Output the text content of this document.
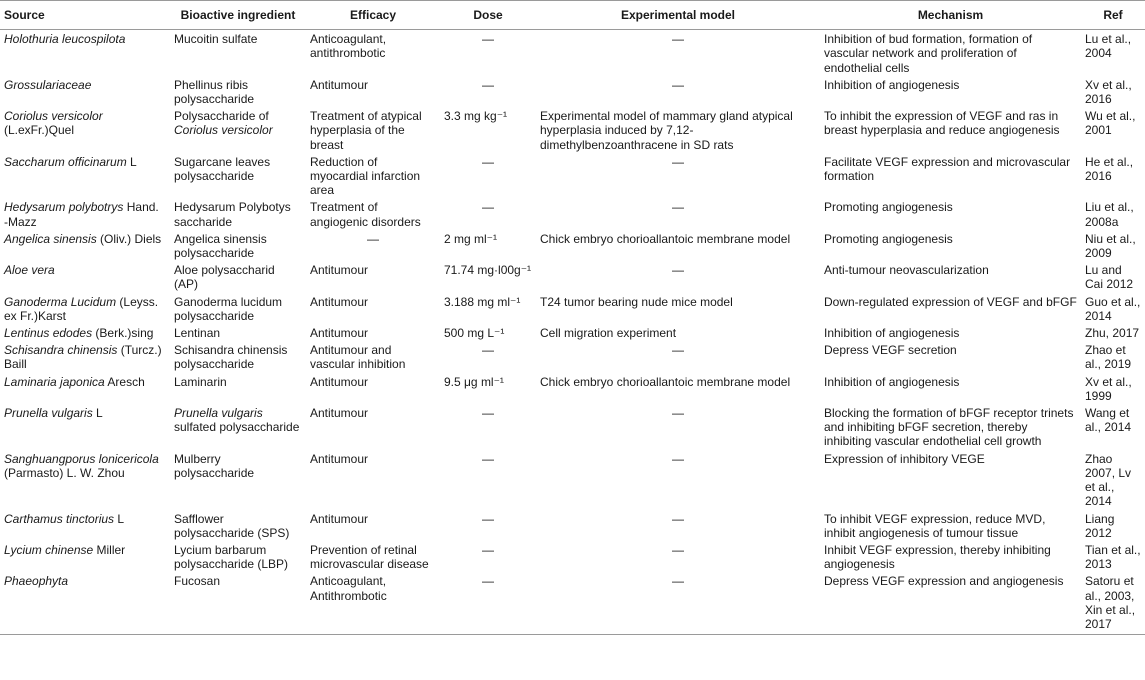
Source	Bioactive ingredient	Efficacy	Dose	Experimental model	Mechanism	Ref
Holothuria leucospilota	Mucoitin sulfate	Anticoagulant, antithrombotic	—	—	Inhibition of bud formation, formation of vascular network and proliferation of endothelial cells	Lu et al., 2004
Grossulariaceae	Phellinus ribis polysaccharide	Antitumour	—	—	Inhibition of angiogenesis	Xv et al., 2016
Coriolus versicolor (L.exFr.)Quel	Polysaccharide of Coriolus versicolor	Treatment of atypical hyperplasia of the breast	3.3 mg kg⁻¹	Experimental model of mammary gland atypical hyperplasia induced by 7,12-dimethylbenzoanthracene in SD rats	To inhibit the expression of VEGF and ras in breast hyperplasia and reduce angiogenesis	Wu et al., 2001
Saccharum officinarum L	Sugarcane leaves polysaccharide	Reduction of myocardial infarction area	—	—	Facilitate VEGF expression and microvascular formation	He et al., 2016
Hedysarum polybotrys Hand. -Mazz	Hedysarum Polybotys saccharide	Treatment of angiogenic disorders	—	—	Promoting angiogenesis	Liu et al., 2008a
Angelica sinensis (Oliv.) Diels	Angelica sinensis polysaccharide	—	2 mg ml⁻¹	Chick embryo chorioallantoic membrane model	Promoting angiogenesis	Niu et al., 2009
Aloe vera	Aloe polysaccharid (AP)	Antitumour	71.74 mg·l00g⁻¹	—	Anti-tumour neovascularization	Lu and Cai 2012
Ganoderma Lucidum (Leyss. ex Fr.)Karst	Ganoderma lucidum polysaccharide	Antitumour	3.188 mg ml⁻¹	T24 tumor bearing nude mice model	Down-regulated expression of VEGF and bFGF	Guo et al., 2014
Lentinus edodes (Berk.)sing	Lentinan	Antitumour	500 mg L⁻¹	Cell migration experiment	Inhibition of angiogenesis	Zhu, 2017
Schisandra chinensis (Turcz.) Baill	Schisandra chinensis polysaccharide	Antitumour and vascular inhibition	—	—	Depress VEGF secretion	Zhao et al., 2019
Laminaria japonica Aresch	Laminarin	Antitumour	9.5 μg ml⁻¹	Chick embryo chorioallantoic membrane model	Inhibition of angiogenesis	Xv et al., 1999
Prunella vulgaris L	Prunella vulgaris sulfated polysaccharide	Antitumour	—	—	Blocking the formation of bFGF receptor trinets and inhibiting bFGF secretion, thereby inhibiting vascular endothelial cell growth	Wang et al., 2014
Sanghuangporus lonicericola (Parmasto) L. W. Zhou	Mulberry polysaccharide	Antitumour	—	—	Expression of inhibitory VEGE	Zhao 2007, Lv et al., 2014
Carthamus tinctorius L	Safflower polysaccharide (SPS)	Antitumour	—	—	To inhibit VEGF expression, reduce MVD, inhibit angiogenesis of tumour tissue	Liang 2012
Lycium chinense Miller	Lycium barbarum polysaccharide (LBP)	Prevention of retinal microvascular disease	—	—	Inhibit VEGF expression, thereby inhibiting angiogenesis	Tian et al., 2013
Phaeophyta	Fucosan	Anticoagulant, Antithrombotic	—	—	Depress VEGF expression and angiogenesis	Satoru et al., 2003, Xin et al., 2017
